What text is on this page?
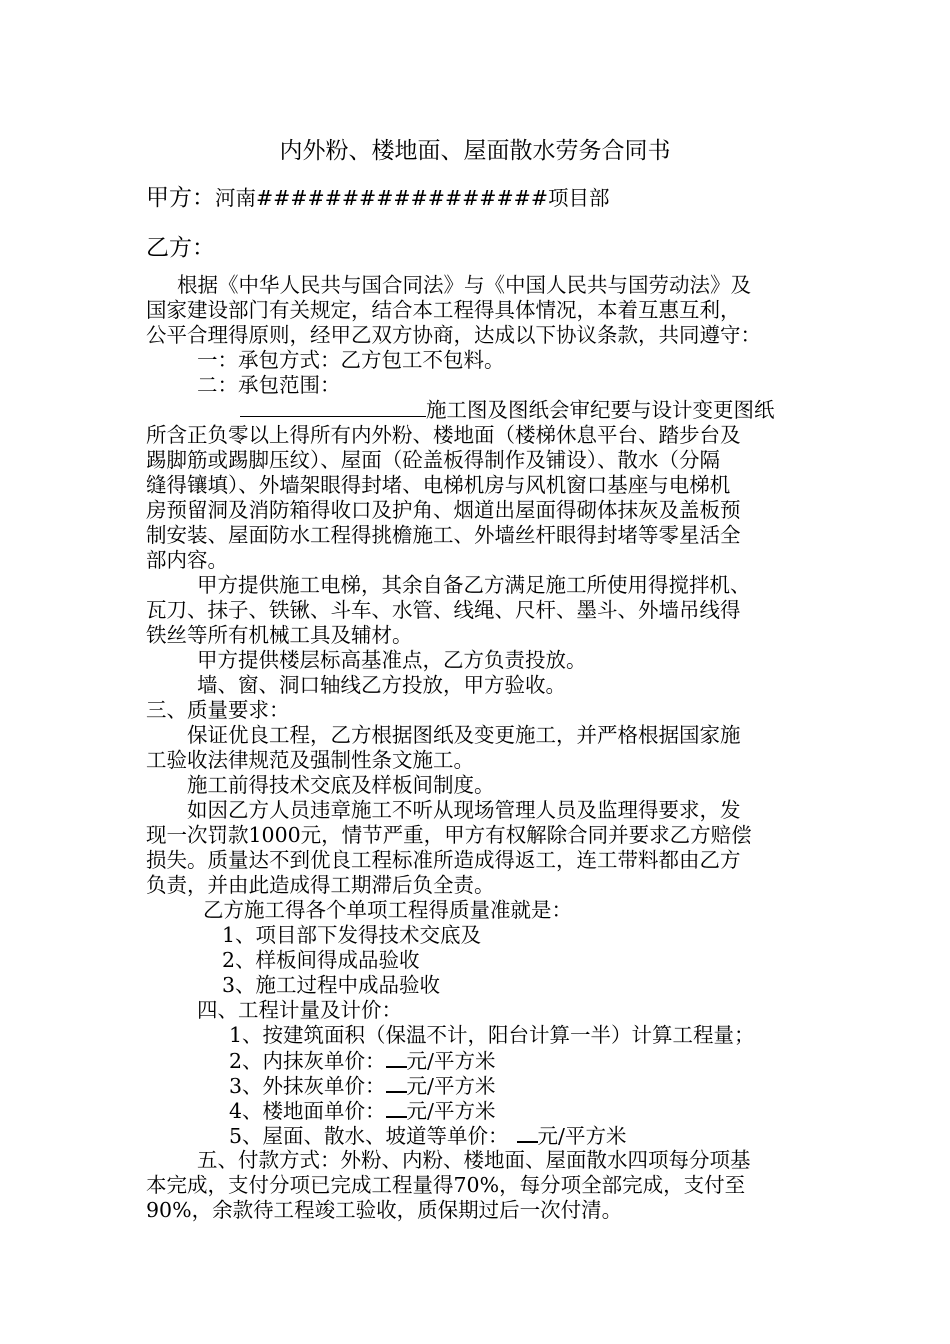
内外粉、楼地面、屋面散水劳务合同书
甲方：河南#################项目部
乙方：
根据《中华人民共与国合同法》与《中国人民共与国劳动法》及
国家建设部门有关规定，结合本工程得具体情况，本着互惠互利，
公平合理得原则，经甲乙双方协商，达成以下协议条款，共同遵守：
一：承包方式：乙方包工不包料。
二：承包范围：
施工图及图纸会审纪要与设计变更图纸
所含正负零以上得所有内外粉、楼地面（楼梯休息平台、踏步台及
踢脚筋或踢脚压纹）、屋面（砼盖板得制作及铺设）、散水（分隔
缝得镶填）、外墙架眼得封堵、电梯机房与风机窗口基座与电梯机
房预留洞及消防箱得收口及护角、烟道出屋面得砌体抹灰及盖板预
制安装、屋面防水工程得挑檐施工、外墙丝杆眼得封堵等零星活全
部内容。
甲方提供施工电梯，其余自备乙方满足施工所使用得搅拌机、
瓦刀、抹子、铁锹、斗车、水管、线绳、尺杆、墨斗、外墙吊线得
铁丝等所有机械工具及辅材。
甲方提供楼层标高基准点，乙方负责投放。
墙、窗、洞口轴线乙方投放，甲方验收。
三、质量要求：
保证优良工程，乙方根据图纸及变更施工，并严格根据国家施
工验收法律规范及强制性条文施工。
施工前得技术交底及样板间制度。
如因乙方人员违章施工不听从现场管理人员及监理得要求，发
现一次罚款1000元，情节严重，甲方有权解除合同并要求乙方赔偿
损失。质量达不到优良工程标准所造成得返工，连工带料都由乙方
负责，并由此造成得工期滞后负全责。
乙方施工得各个单项工程得质量准就是：
1、项目部下发得技术交底及
2、样板间得成品验收
3、施工过程中成品验收
四、工程计量及计价：
1、按建筑面积（保温不计，阳台计算一半）计算工程量；
2、内抹灰单价： 元/平方米
3、外抹灰单价： 元/平方米
4、楼地面单价： 元/平方米
5、屋面、散水、坡道等单价： 元/平方米
五、付款方式：外粉、内粉、楼地面、屋面散水四项每分项基
本完成，支付分项已完成工程量得70%，每分项全部完成，支付至
90%，余款待工程竣工验收，质保期过后一次付清。
